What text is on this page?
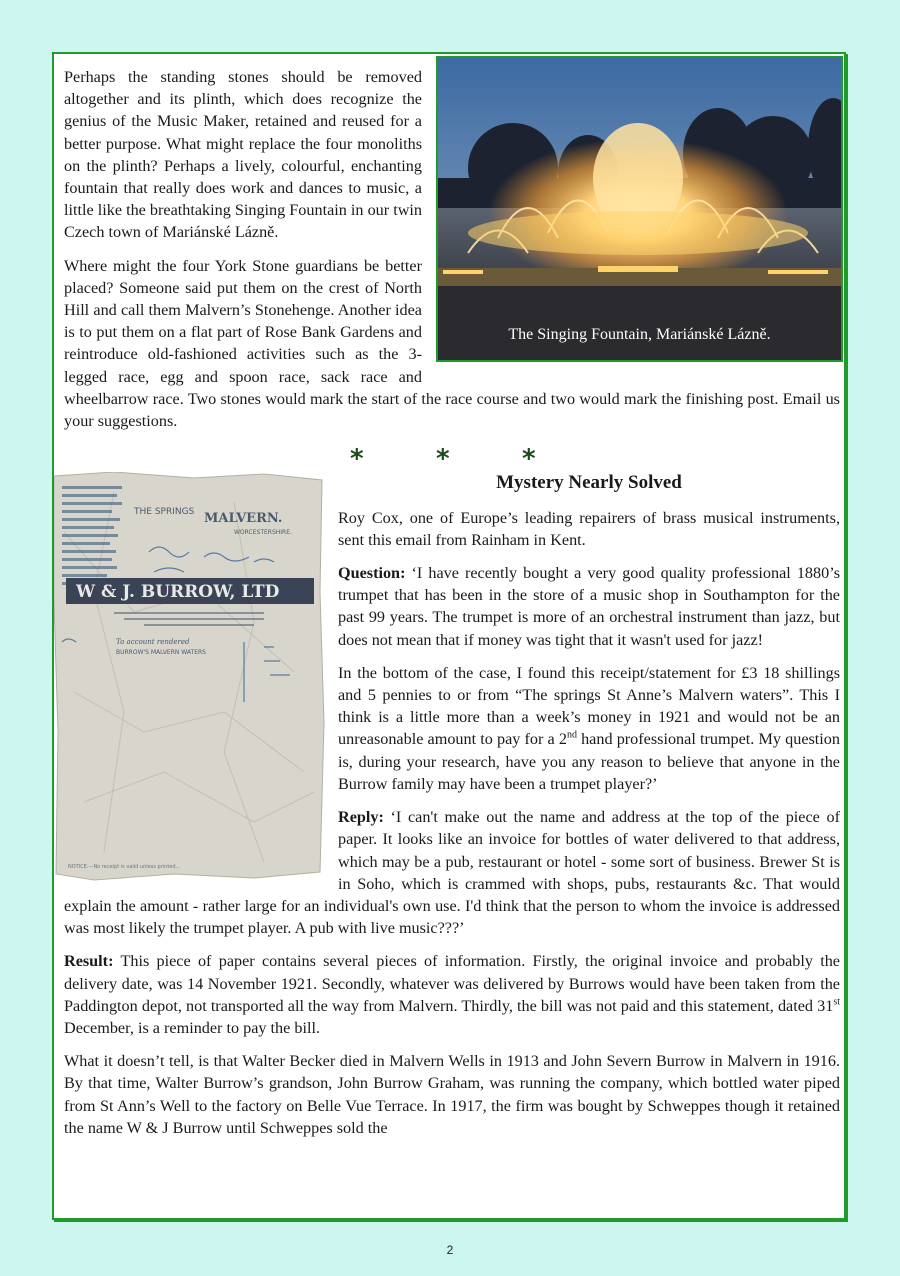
The Singing Fountain, Mariánské Lázně.

Perhaps the standing stones should be removed altogether and its plinth, which does recognize the genius of the Music Maker, retained and reused for a better purpose. What might replace the four monoliths on the plinth? Perhaps a lively, colourful, enchanting fountain that really does work and dances to music, a little like the breathtaking Singing Fountain in our twin Czech town of Mariánské Lázně.

Where might the four York Stone guardians be better placed? Someone said put them on the crest of North Hill and call them Malvern’s Stonehenge. Another idea is to put them on a flat part of Rose Bank Gardens and reintroduce old-fashioned activities such as the 3-legged race, egg and spoon race, sack race and wheelbarrow race. Two stones would mark the start of the race course and two would mark the finishing post. Email us your suggestions.

*	*	*
THE SPRINGS MALVERN.
WORCESTERSHIRE.
W & J. BURROW, LTD
To account rendered
BURROW'S MALVERN WATERS
NOTICE.—No receipt is valid unless printed...
Mystery Nearly Solved

Roy Cox, one of Europe’s leading repairers of brass musical instruments, sent this email from Rainham in Kent.

Question: ‘I have recently bought a very good quality professional 1880’s trumpet that has been in the store of a music shop in Southampton for the past 99 years. The trumpet is more of an orchestral instrument than jazz, but does not mean that if money was tight that it wasn't used for jazz!

In the bottom of the case, I found this receipt/statement for £3 18 shillings and 5 pennies to or from “The springs St Anne’s Malvern waters”. This I think is a little more than a week’s money in 1921 and would not be an unreasonable amount to pay for a 2nd hand professional trumpet. My question is, during your research, have you any reason to believe that anyone in the Burrow family may have been a trumpet player?’

Reply: ‘I can't make out the name and address at the top of the piece of paper. It looks like an invoice for bottles of water delivered to that address, which may be a pub, restaurant or hotel - some sort of business. Brewer St is in Soho, which is crammed with shops, pubs, restaurants &c. That would explain the amount - rather large for an individual's own use. I'd think that the person to whom the invoice is addressed was most likely the trumpet player. A pub with live music???’

Result: This piece of paper contains several pieces of information. Firstly, the original invoice and probably the delivery date, was 14 November 1921. Secondly, whatever was delivered by Burrows would have been taken from the Paddington depot, not transported all the way from Malvern. Thirdly, the bill was not paid and this statement, dated 31st December, is a reminder to pay the bill.

What it doesn’t tell, is that Walter Becker died in Malvern Wells in 1913 and John Severn Burrow in Malvern in 1916. By that time, Walter Burrow’s grandson, John Burrow Graham, was running the company, which bottled water piped from St Ann’s Well to the factory on Belle Vue Terrace. In 1917, the firm was bought by Schweppes though it retained the name W & J Burrow until Schweppes sold the

2
